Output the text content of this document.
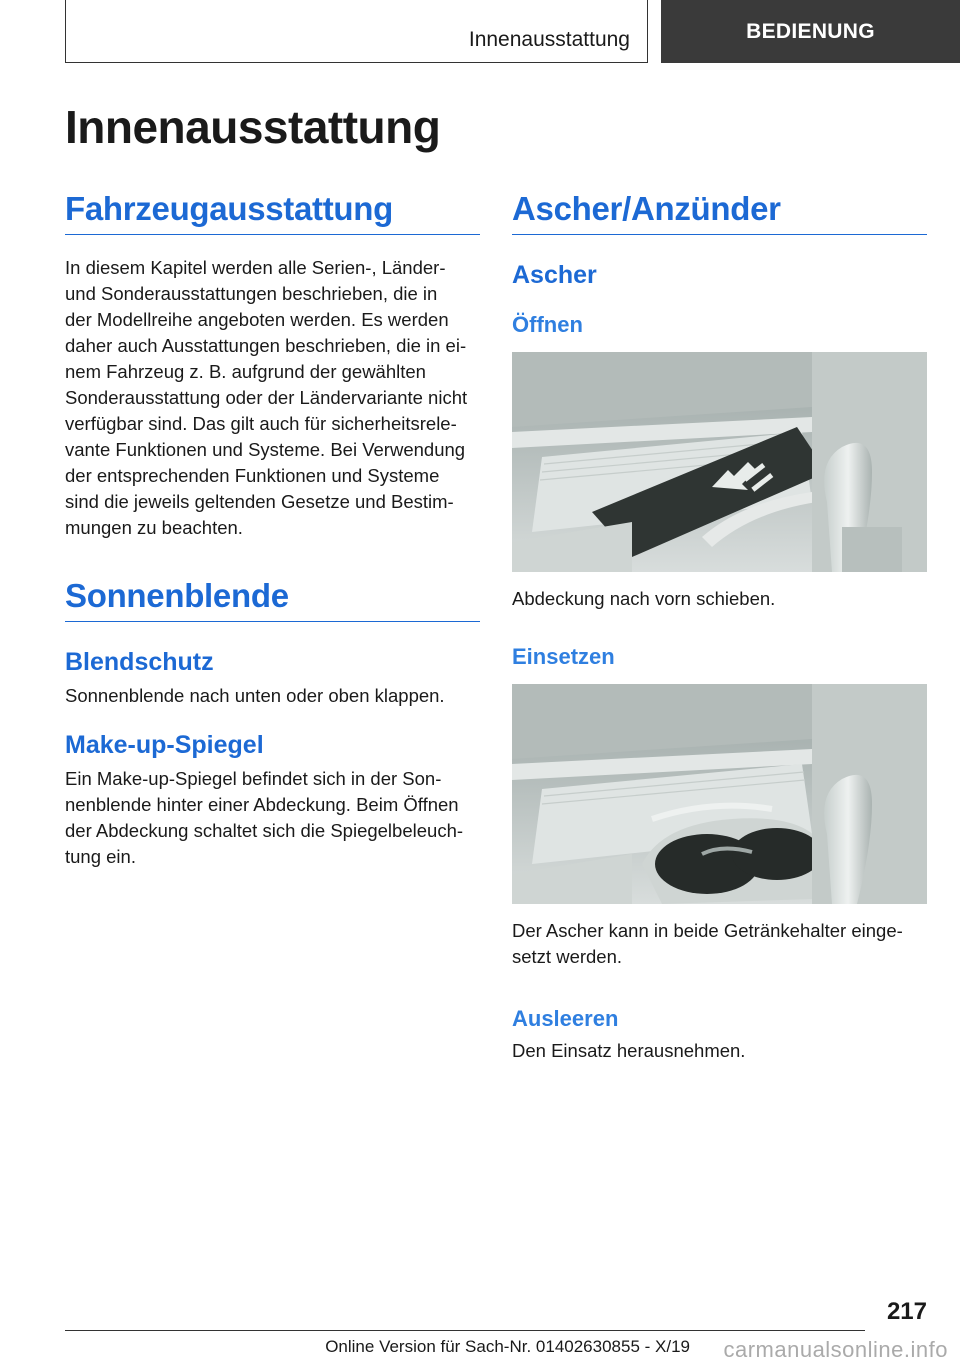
Innenausstattung	BEDIENUNG
Innenausstattung
Fahrzeugausstattung

In diesem Kapitel werden alle Serien‐, Länder‐

und Sonderausstattungen beschrieben, die in

der Modellreihe angeboten werden. Es werden

daher auch Ausstattungen beschrieben, die in ei‐

nem Fahrzeug z. B. aufgrund der gewählten

Sonderausstattung oder der Ländervariante nicht

verfügbar sind. Das gilt auch für sicherheitsrele‐

vante Funktionen und Systeme. Bei Verwendung

der entsprechenden Funktionen und Systeme

sind die jeweils geltenden Gesetze und Bestim‐

mungen zu beachten.

Sonnenblende
Blendschutz

Sonnenblende nach unten oder oben klappen.

Make-up-Spiegel

Ein Make-up-Spiegel befindet sich in der Son‐

nenblende hinter einer Abdeckung. Beim Öffnen

der Abdeckung schaltet sich die Spiegelbeleuch‐

tung ein.

Ascher/Anzünder
Ascher
Öffnen

Abdeckung nach vorn schieben.

Einsetzen

Der Ascher kann in beide Getränkehalter einge‐

setzt werden.

Ausleeren

Den Einsatz herausnehmen.

217
Online Version für Sach-Nr. 01402630855 - X/19 carmanualsonline.info
